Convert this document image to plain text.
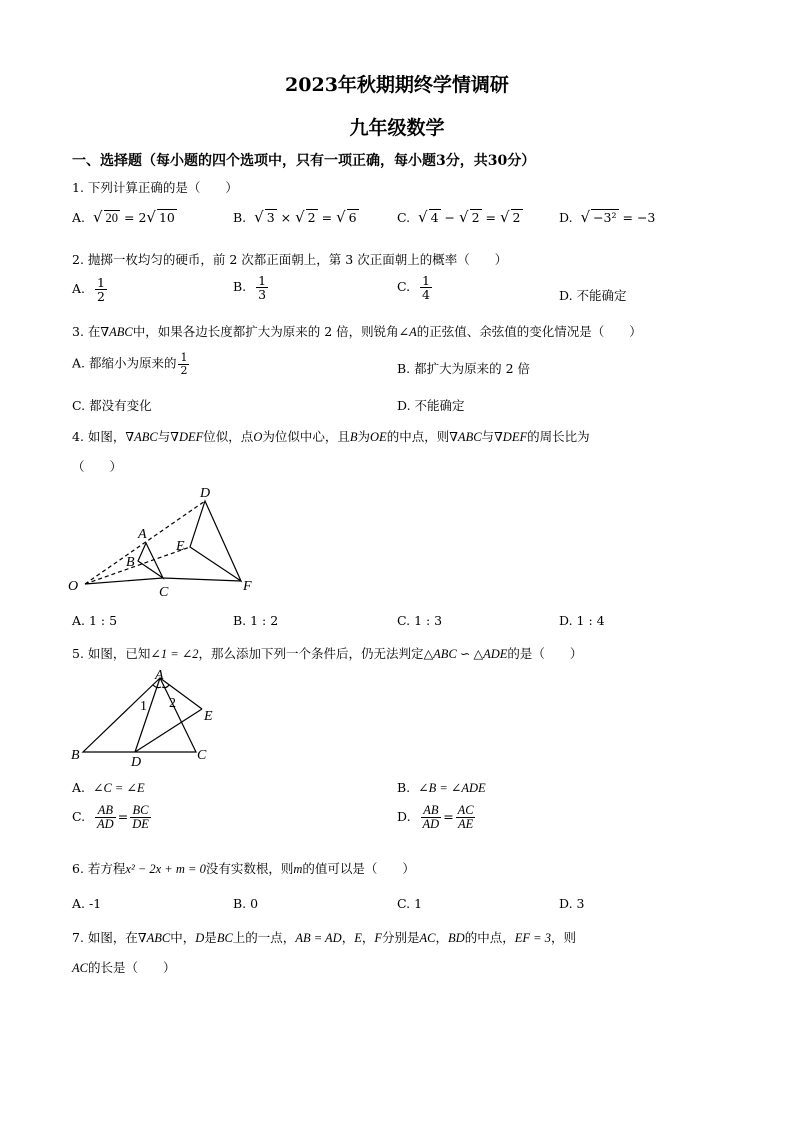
2023年秋期期终学情调研
九年级数学
一、选择题（每小题的四个选项中，只有一项正确，每小题3分，共30分）
1. 下列计算正确的是（　　）
A. √ 20 = 2√ 10	B. √ 3 × √ 2 = √ 6	C. √ 4 − √ 2 = √ 2	D. √ −3² = −3
2. 抛掷一枚均匀的硬币，前 2 次都正面朝上，第 3 次正面朝上的概率（　　）
A. $\frac{1}{2}$	B. $\frac{1}{3}$	C. $\frac{1}{4}$	D. 不能确定
3. 在∇ABC中，如果各边长度都扩大为原来的 2 倍，则锐角∠A的正弦值、余弦值的变化情况是（　　）
A. 都缩小为原来的 $\frac{1}{2}$	B. 都扩大为原来的 2 倍
C. 都没有变化	D. 不能确定
4. 如图，∇ABC与∇DEF位似，点O为位似中心，且B为OE的中点，则∇ABC与∇DEF的周长比为
（　　）
O
A
B
C
D
E
F
A. 1 : 5	B. 1 : 2	C. 1 : 3	D. 1 : 4
5. 如图，已知∠1 = ∠2，那么添加下列一个条件后，仍无法判定△ABC ∽ △ADE的是（　　）
A
B	C
D
E
1 2
A. ∠C = ∠E	B. ∠B = ∠ADE
C. $\frac{AB}{AD} = \frac{BC}{DE}$	D. $\frac{AB}{AD} = \frac{AC}{AE}$
6. 若方程x² − 2x + m = 0没有实数根，则m的值可以是（　　）
A. -1	B. 0	C. 1	D. 3
7. 如图，在∇ABC中，D是BC上的一点，AB = AD，E，F分别是AC，BD的中点，EF = 3，则
AC的长是（　　）
